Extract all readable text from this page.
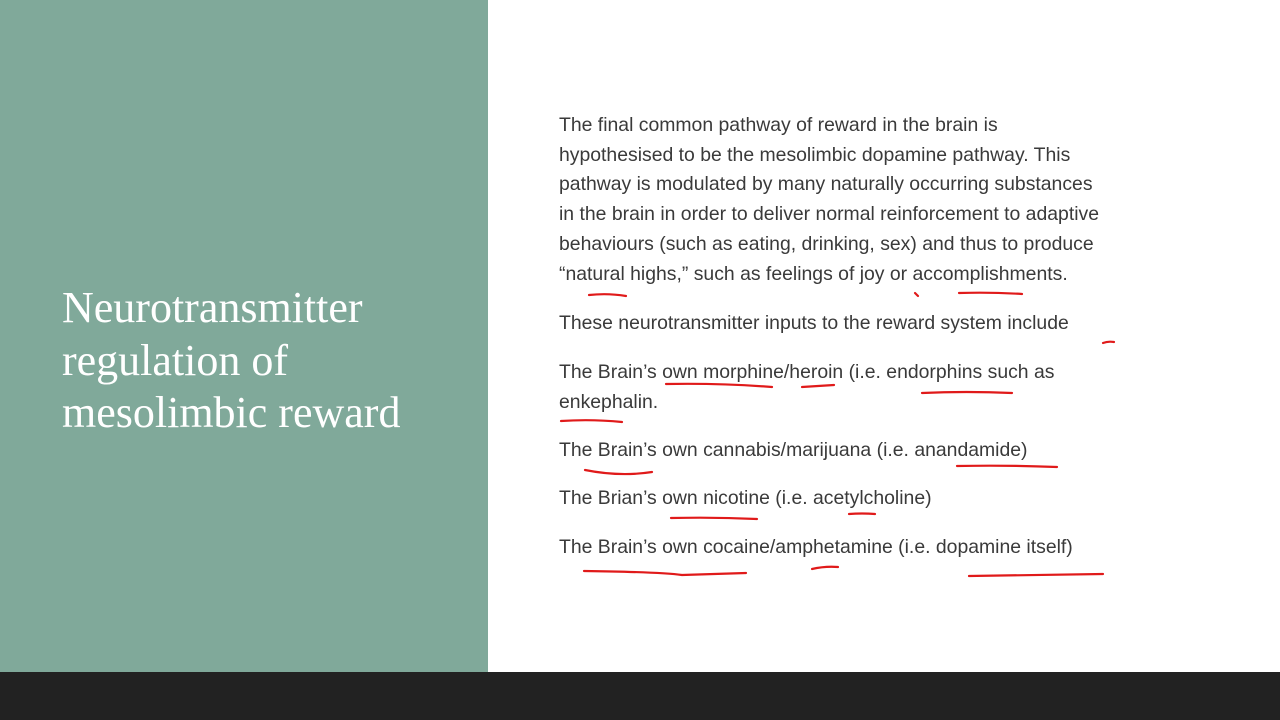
Neurotransmitter regulation of mesolimbic reward

The final common pathway of reward in the brain is
hypothesised to be the mesolimbic dopamine pathway. This
pathway is modulated by many naturally occurring substances
in the brain in order to deliver normal reinforcement to adaptive
behaviours (such as eating, drinking, sex) and thus to produce
“natural highs,” such as feelings of joy or accomplishments.

These neurotransmitter inputs to the reward system include

The Brain’s own morphine/heroin (i.e. endorphins such as
enkephalin.

The Brain’s own cannabis/marijuana (i.e. anandamide)

The Brian’s own nicotine (i.e. acetylcholine)

The Brain’s own cocaine/amphetamine (i.e. dopamine itself)
